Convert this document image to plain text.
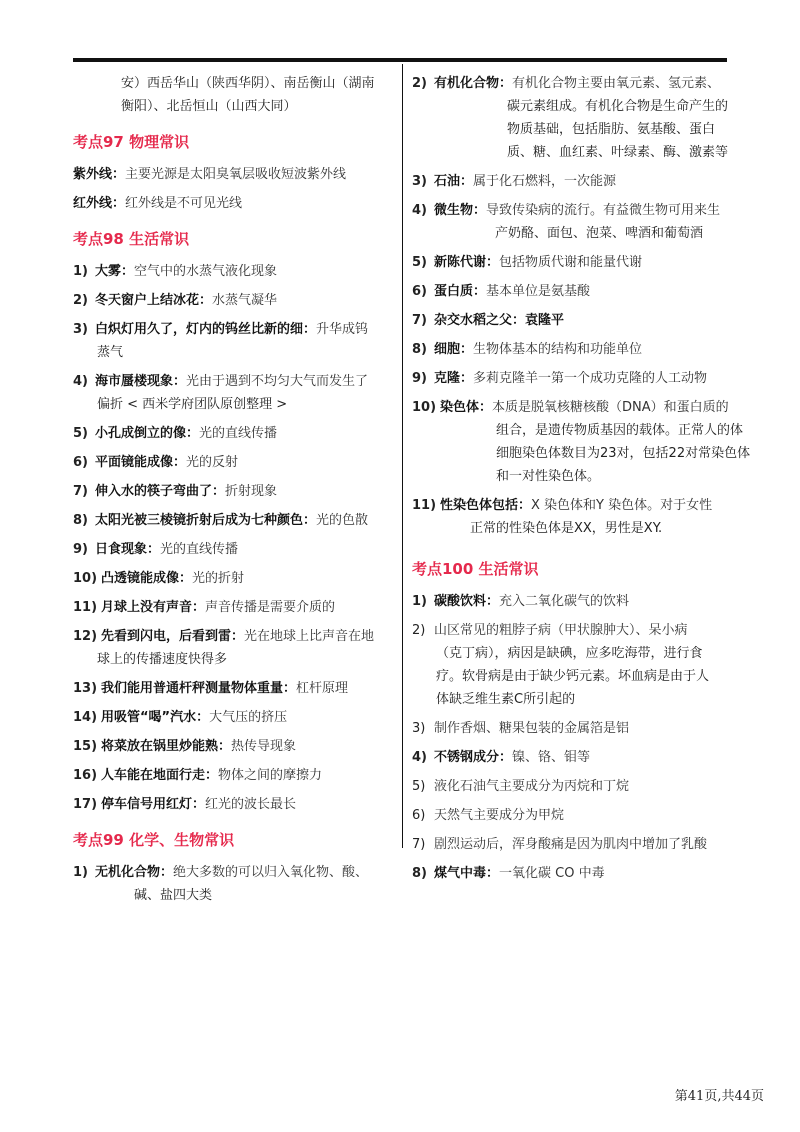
安）西岳华山（陕西华阴）、南岳衡山（湖南
衡阳）、北岳恒山（山西大同）
考点97 物理常识
紫外线：主要光源是太阳臭氧层吸收短波紫外线
红外线：红外线是不可见光线
考点98 生活常识
1) 大雾：空气中的水蒸气液化现象
2) 冬天窗户上结冰花：水蒸气凝华
3) 白炽灯用久了，灯内的钨丝比新的细：升华成钨
蒸气
4) 海市蜃楼现象：光由于遇到不均匀大气而发生了
偏折 < 西米学府团队原创整理 >
5) 小孔成倒立的像：光的直线传播
6) 平面镜能成像：光的反射
7) 伸入水的筷子弯曲了：折射现象
8) 太阳光被三棱镜折射后成为七种颜色：光的色散
9) 日食现象：光的直线传播
10) 凸透镜能成像：光的折射
11) 月球上没有声音：声音传播是需要介质的
12) 先看到闪电，后看到雷：光在地球上比声音在地
球上的传播速度快得多
13) 我们能用普通杆秤测量物体重量：杠杆原理
14) 用吸管“喝”汽水：大气压的挤压
15) 将菜放在锅里炒能熟：热传导现象
16) 人车能在地面行走：物体之间的摩擦力
17) 停车信号用红灯：红光的波长最长
考点99 化学、生物常识
1) 无机化合物：绝大多数的可以归入氧化物、酸、
碱、盐四大类
2) 有机化合物：有机化合物主要由氧元素、氢元素、
碳元素组成。有机化合物是生命产生的
物质基础，包括脂肪、氨基酸、蛋白
质、糖、血红素、叶绿素、酶、激素等
3) 石油：属于化石燃料，一次能源
4) 微生物：导致传染病的流行。有益微生物可用来生
产奶酪、面包、泡菜、啤酒和葡萄酒
5) 新陈代谢：包括物质代谢和能量代谢
6) 蛋白质：基本单位是氨基酸
7) 杂交水稻之父：袁隆平
8) 细胞：生物体基本的结构和功能单位
9) 克隆：多莉克隆羊一第一个成功克隆的人工动物
10) 染色体：本质是脱氧核糖核酸（DNA）和蛋白质的
组合，是遗传物质基因的载体。正常人的体
细胞染色体数目为23对，包括22对常染色体
和一对性染色体。
11) 性染色体包括：X 染色体和Y 染色体。对于女性
正常的性染色体是XX，男性是XY.
考点100 生活常识
1) 碳酸饮料：充入二氧化碳气的饮料
2) 山区常见的粗脖子病（甲状腺肿大）、呆小病
（克丁病），病因是缺碘，应多吃海带，进行食
疗。软骨病是由于缺少钙元素。坏血病是由于人
体缺乏维生素C所引起的
3) 制作香烟、糖果包装的金属箔是铝
4) 不锈钢成分：镍、铬、钼等
5) 液化石油气主要成分为丙烷和丁烷
6) 天然气主要成分为甲烷
7) 剧烈运动后，浑身酸痛是因为肌肉中增加了乳酸
8) 煤气中毒：一氧化碳 CO 中毒
第41页,共44页
